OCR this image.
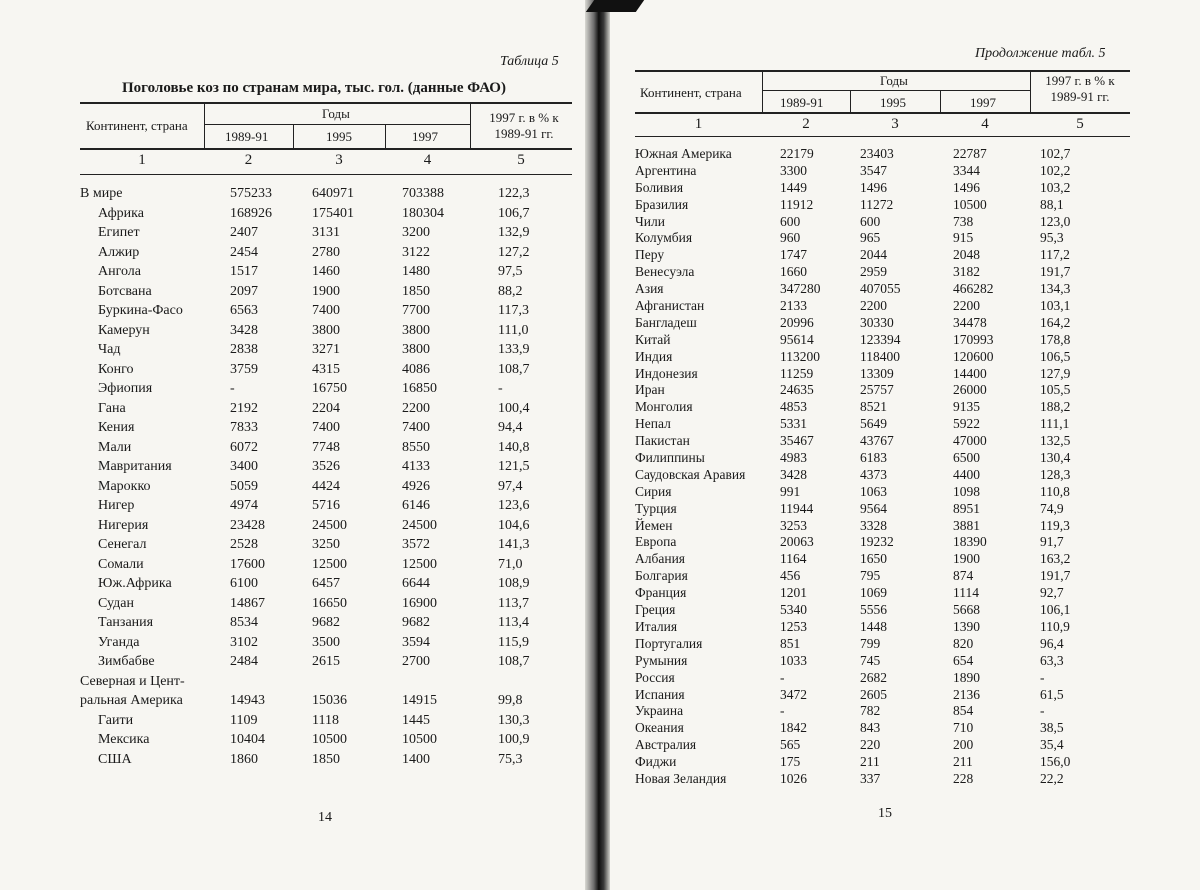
Таблица 5
Поголовье коз по странам мира, тыс. гол. (данные ФАО)
Континент, страна
Годы
1989-91	1995	1997
1997 г. в % к 1989-91 гг.
1	2	3	4	5
В мире	575233	640971	703388	122,3
Африка	168926	175401	180304	106,7
Египет	2407	3131	3200	132,9
Алжир	2454	2780	3122	127,2
Ангола	1517	1460	1480	97,5
Ботсвана	2097	1900	1850	88,2
Буркина-Фасо	6563	7400	7700	117,3
Камерун	3428	3800	3800	111,0
Чад	2838	3271	3800	133,9
Конго	3759	4315	4086	108,7
Эфиопия	-	16750	16850	-
Гана	2192	2204	2200	100,4
Кения	7833	7400	7400	94,4
Мали	6072	7748	8550	140,8
Мавритания	3400	3526	4133	121,5
Марокко	5059	4424	4926	97,4
Нигер	4974	5716	6146	123,6
Нигерия	23428	24500	24500	104,6
Сенегал	2528	3250	3572	141,3
Сомали	17600	12500	12500	71,0
Юж.Африка	6100	6457	6644	108,9
Судан	14867	16650	16900	113,7
Танзания	8534	9682	9682	113,4
Уганда	3102	3500	3594	115,9
Зимбабве	2484	2615	2700	108,7
Северная и Цент-
ральная Америка	14943	15036	14915	99,8
Гаити	1109	1118	1445	130,3
Мексика	10404	10500	10500	100,9
США	1860	1850	1400	75,3
14
Продолжение табл. 5
Континент, страна
Годы
1989-91	1995	1997
1997 г. в % к 1989-91 гг.
1	2	3	4	5
Южная Америка	22179	23403	22787	102,7
Аргентина	3300	3547	3344	102,2
Боливия	1449	1496	1496	103,2
Бразилия	11912	11272	10500	88,1
Чили	600	600	738	123,0
Колумбия	960	965	915	95,3
Перу	1747	2044	2048	117,2
Венесуэла	1660	2959	3182	191,7
Азия	347280	407055	466282	134,3
Афганистан	2133	2200	2200	103,1
Бангладеш	20996	30330	34478	164,2
Китай	95614	123394	170993	178,8
Индия	113200	118400	120600	106,5
Индонезия	11259	13309	14400	127,9
Иран	24635	25757	26000	105,5
Монголия	4853	8521	9135	188,2
Непал	5331	5649	5922	111,1
Пакистан	35467	43767	47000	132,5
Филиппины	4983	6183	6500	130,4
Саудовская Аравия	3428	4373	4400	128,3
Сирия	991	1063	1098	110,8
Турция	11944	9564	8951	74,9
Йемен	3253	3328	3881	119,3
Европа	20063	19232	18390	91,7
Албания	1164	1650	1900	163,2
Болгария	456	795	874	191,7
Франция	1201	1069	1114	92,7
Греция	5340	5556	5668	106,1
Италия	1253	1448	1390	110,9
Португалия	851	799	820	96,4
Румыния	1033	745	654	63,3
Россия	-	2682	1890	-
Испания	3472	2605	2136	61,5
Украина	-	782	854	-
Океания	1842	843	710	38,5
Австралия	565	220	200	35,4
Фиджи	175	211	211	156,0
Новая Зеландия	1026	337	228	22,2
15
